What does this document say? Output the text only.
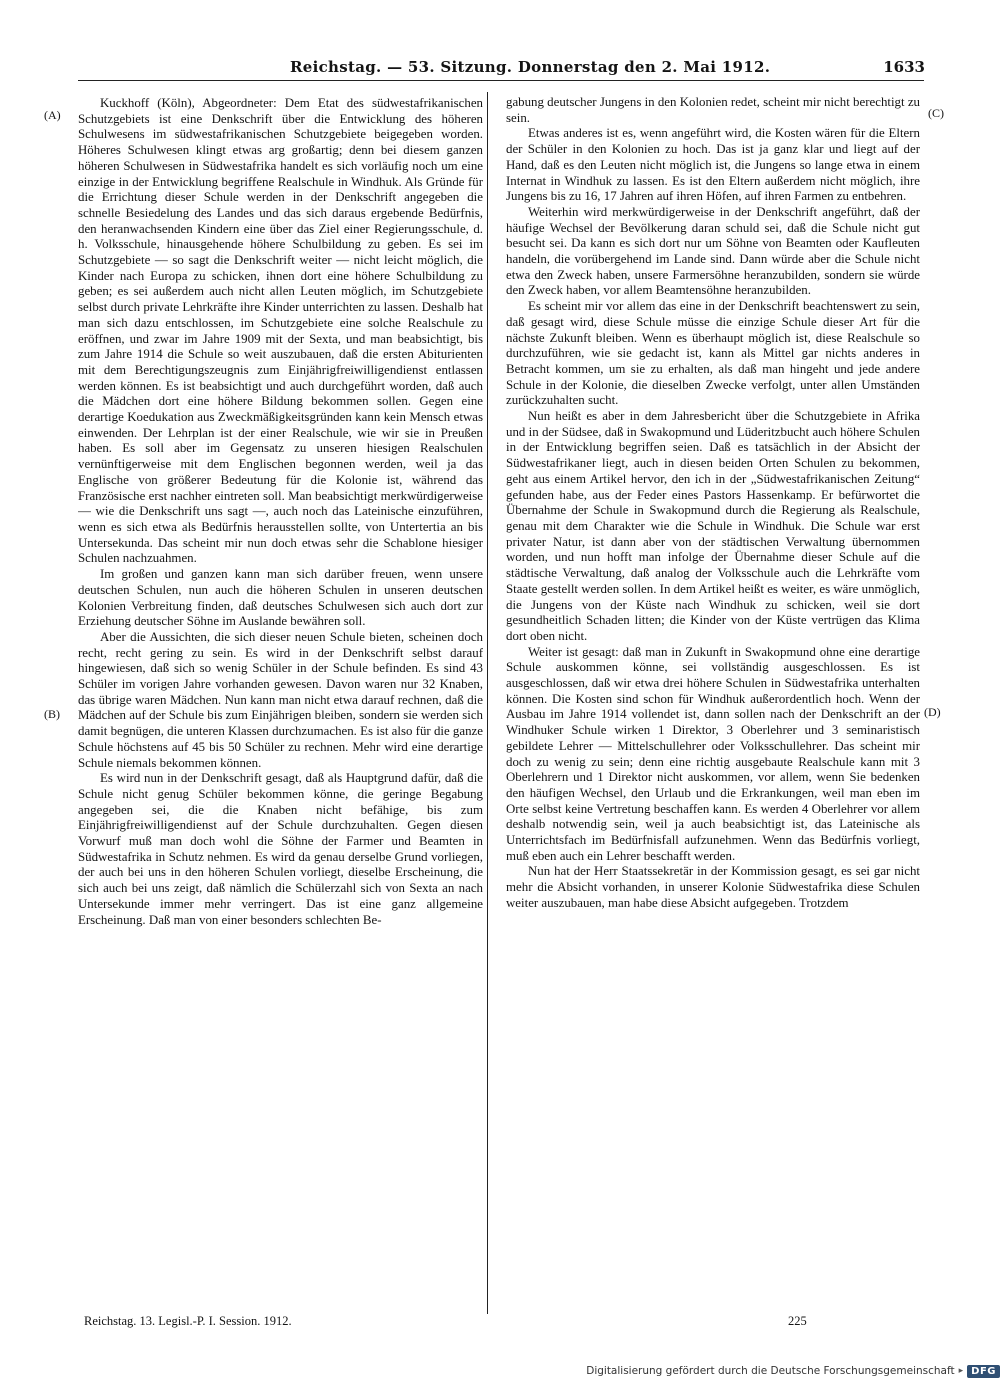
Reichstag. — 53. Sitzung. Donnerstag den 2. Mai 1912.	1633
(A)
(B)
(C)
(D)

Kuckhoff (Köln), Abgeordneter: Dem Etat des südwestafrikanischen Schutzgebiets ist eine Denkschrift über die Entwicklung des höheren Schulwesens im südwestafrikanischen Schutzgebiete beigegeben worden. Höheres Schulwesen klingt etwas arg großartig; denn bei diesem ganzen höheren Schulwesen in Südwestafrika handelt es sich vorläufig noch um eine einzige in der Entwicklung begriffene Realschule in Windhuk. Als Gründe für die Errichtung dieser Schule werden in der Denkschrift angegeben die schnelle Besiedelung des Landes und das sich daraus ergebende Bedürfnis, den heranwachsenden Kindern eine über das Ziel einer Regierungsschule, d. h. Volksschule, hinausgehende höhere Schulbildung zu geben. Es sei im Schutzgebiete — so sagt die Denkschrift weiter — nicht leicht möglich, die Kinder nach Europa zu schicken, ihnen dort eine höhere Schulbildung zu geben; es sei außerdem auch nicht allen Leuten möglich, im Schutzgebiete selbst durch private Lehrkräfte ihre Kinder unterrichten zu lassen. Deshalb hat man sich dazu entschlossen, im Schutzgebiete eine solche Realschule zu eröffnen, und zwar im Jahre 1909 mit der Sexta, und man beabsichtigt, bis zum Jahre 1914 die Schule so weit auszubauen, daß die ersten Abiturienten mit dem Berechtigungszeugnis zum Einjährigfreiwilligendienst entlassen werden können. Es ist beabsichtigt und auch durchgeführt worden, daß auch die Mädchen dort eine höhere Bildung bekommen sollen. Gegen eine derartige Koedukation aus Zweckmäßigkeitsgründen kann kein Mensch etwas einwenden. Der Lehrplan ist der einer Realschule, wie wir sie in Preußen haben. Es soll aber im Gegensatz zu unseren hiesigen Realschulen vernünftigerweise mit dem Englischen begonnen werden, weil ja das Englische von größerer Bedeutung für die Kolonie ist, während das Französische erst nachher eintreten soll. Man beabsichtigt merkwürdigerweise — wie die Denkschrift uns sagt —, auch noch das Lateinische einzuführen, wenn es sich etwa als Bedürfnis herausstellen sollte, von Untertertia an bis Untersekunda. Das scheint mir nun doch etwas sehr die Schablone hiesiger Schulen nachzuahmen.

Im großen und ganzen kann man sich darüber freuen, wenn unsere deutschen Schulen, nun auch die höheren Schulen in unseren deutschen Kolonien Verbreitung finden, daß deutsches Schulwesen sich auch dort zur Erziehung deutscher Söhne im Auslande bewähren soll.

Aber die Aussichten, die sich dieser neuen Schule bieten, scheinen doch recht, recht gering zu sein. Es wird in der Denkschrift selbst darauf hingewiesen, daß sich so wenig Schüler in der Schule befinden. Es sind 43 Schüler im vorigen Jahre vorhanden gewesen. Davon waren nur 32 Knaben, das übrige waren Mädchen. Nun kann man nicht etwa darauf rechnen, daß die Mädchen auf der Schule bis zum Einjährigen bleiben, sondern sie werden sich damit begnügen, die unteren Klassen durchzumachen. Es ist also für die ganze Schule höchstens auf 45 bis 50 Schüler zu rechnen. Mehr wird eine derartige Schule niemals bekommen können.

Es wird nun in der Denkschrift gesagt, daß als Hauptgrund dafür, daß die Schule nicht genug Schüler bekommen könne, die geringe Begabung angegeben sei, die die Knaben nicht befähige, bis zum Einjährigfreiwilligendienst auf der Schule durchzuhalten. Gegen diesen Vorwurf muß man doch wohl die Söhne der Farmer und Beamten in Südwestafrika in Schutz nehmen. Es wird da genau derselbe Grund vorliegen, der auch bei uns in den höheren Schulen vorliegt, dieselbe Erscheinung, die sich auch bei uns zeigt, daß nämlich die Schülerzahl sich von Sexta an nach Untersekunde immer mehr verringert. Das ist eine ganz allgemeine Erscheinung. Daß man von einer besonders schlechten Be-

gabung deutscher Jungens in den Kolonien redet, scheint mir nicht berechtigt zu sein.

Etwas anderes ist es, wenn angeführt wird, die Kosten wären für die Eltern der Schüler in den Kolonien zu hoch. Das ist ja ganz klar und liegt auf der Hand, daß es den Leuten nicht möglich ist, die Jungens so lange etwa in einem Internat in Windhuk zu lassen. Es ist den Eltern außerdem nicht möglich, ihre Jungens bis zu 16, 17 Jahren auf ihren Höfen, auf ihren Farmen zu entbehren.

Weiterhin wird merkwürdigerweise in der Denkschrift angeführt, daß der häufige Wechsel der Bevölkerung daran schuld sei, daß die Schule nicht gut besucht sei. Da kann es sich dort nur um Söhne von Beamten oder Kaufleuten handeln, die vorübergehend im Lande sind. Dann würde aber die Schule nicht etwa den Zweck haben, unsere Farmersöhne heranzubilden, sondern sie würde den Zweck haben, vor allem Beamtensöhne heranzubilden.

Es scheint mir vor allem das eine in der Denkschrift beachtenswert zu sein, daß gesagt wird, diese Schule müsse die einzige Schule dieser Art für die nächste Zukunft bleiben. Wenn es überhaupt möglich ist, diese Realschule so durchzuführen, wie sie gedacht ist, kann als Mittel gar nichts anderes in Betracht kommen, um sie zu erhalten, als daß man hingeht und jede andere Schule in der Kolonie, die dieselben Zwecke verfolgt, unter allen Umständen zurückzuhalten sucht.

Nun heißt es aber in dem Jahresbericht über die Schutzgebiete in Afrika und in der Südsee, daß in Swakopmund und Lüderitzbucht auch höhere Schulen in der Entwicklung begriffen seien. Daß es tatsächlich in der Absicht der Südwestafrikaner liegt, auch in diesen beiden Orten Schulen zu bekommen, geht aus einem Artikel hervor, den ich in der „Südwestafrikanischen Zeitung“ gefunden habe, aus der Feder eines Pastors Hassenkamp. Er befürwortet die Übernahme der Schule in Swakopmund durch die Regierung als Realschule, genau mit dem Charakter wie die Schule in Windhuk. Die Schule war erst privater Natur, ist dann aber von der städtischen Verwaltung übernommen worden, und nun hofft man infolge der Übernahme dieser Schule auf die städtische Verwaltung, daß analog der Volksschule auch die Lehrkräfte vom Staate gestellt werden sollen. In dem Artikel heißt es weiter, es wäre unmöglich, die Jungens von der Küste nach Windhuk zu schicken, weil sie dort gesundheitlich Schaden litten; die Kinder von der Küste vertrügen das Klima dort oben nicht.

Weiter ist gesagt: daß man in Zukunft in Swakopmund ohne eine derartige Schule auskommen könne, sei vollständig ausgeschlossen. Es ist ausgeschlossen, daß wir etwa drei höhere Schulen in Südwestafrika unterhalten können. Die Kosten sind schon für Windhuk außerordentlich hoch. Wenn der Ausbau im Jahre 1914 vollendet ist, dann sollen nach der Denkschrift an der Windhuker Schule wirken 1 Direktor, 3 Oberlehrer und 3 seminaristisch gebildete Lehrer — Mittelschullehrer oder Volksschullehrer. Das scheint mir doch zu wenig zu sein; denn eine richtig ausgebaute Realschule kann mit 3 Oberlehrern und 1 Direktor nicht auskommen, vor allem, wenn Sie bedenken den häufigen Wechsel, den Urlaub und die Erkrankungen, weil man eben im Orte selbst keine Vertretung beschaffen kann. Es werden 4 Oberlehrer vor allem deshalb notwendig sein, weil ja auch beabsichtigt ist, das Lateinische als Unterrichtsfach im Bedürfnisfall aufzunehmen. Wenn das Bedürfnis vorliegt, muß eben auch ein Lehrer beschafft werden.

Nun hat der Herr Staatssekretär in der Kommission gesagt, es sei gar nicht mehr die Absicht vorhanden, in unserer Kolonie Südwestafrika diese Schulen weiter auszubauen, man habe diese Absicht aufgegeben. Trotzdem

Reichstag. 13. Legisl.-P. I. Session. 1912.	225
Digitalisierung gefördert durch die Deutsche Forschungsgemeinschaft ▸ DFG
